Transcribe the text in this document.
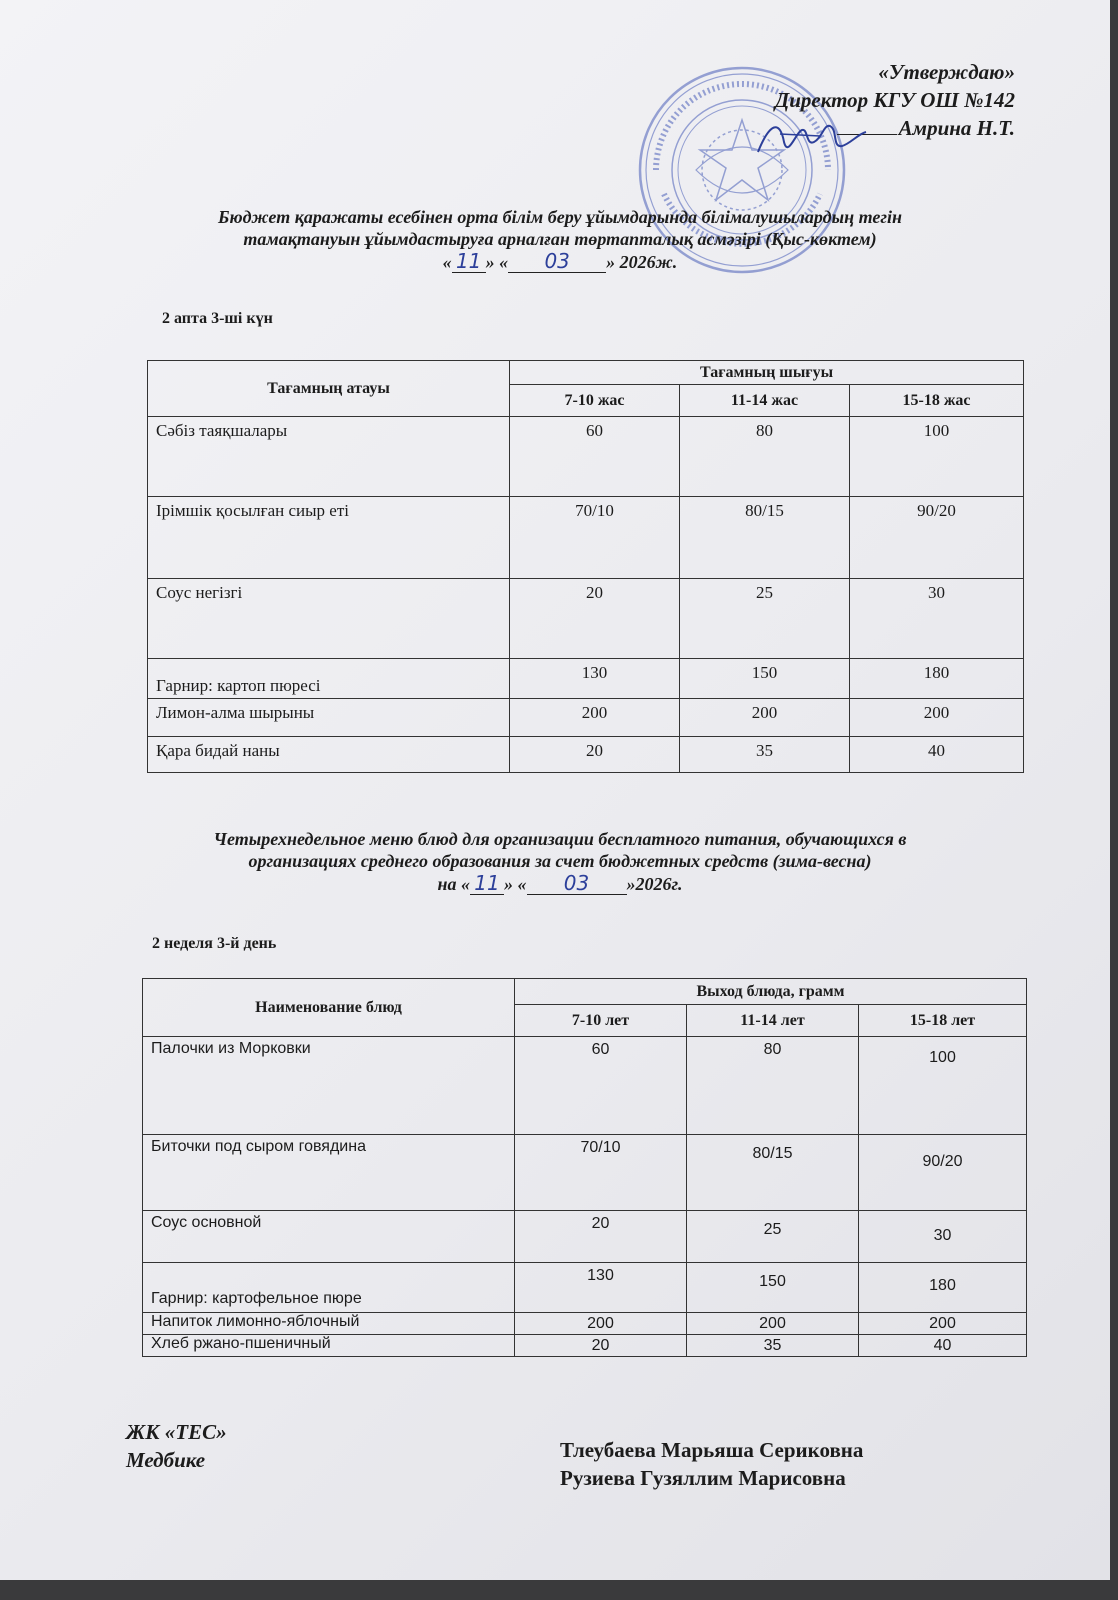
«Утверждаю»
Директор КГУ ОШ №142
Амрина Н.Т.
Бюджет қаражаты есебінен орта білім беру ұйымдарында білімалушылардың тегін
тамақтануын ұйымдастыруға арналған төртапталық асмәзірі (Қыс-көктем)
« 11 » « 03 » 2026ж.
2 апта 3-ші күн
Тағамның атауы	Тағамның шығуы		
	7-10 жас	11-14 жас	15-18 жас
Сәбіз таяқшалары	60	80	100
Ірімшік қосылған сиыр еті	70/10	80/15	90/20
Соус негізгі	20	25	30
Гарнир: картоп пюресі	130	150	180
Лимон-алма шырыны	200	200	200
Қара бидай наны	20	35	40
Четырехнедельное меню блюд для организации бесплатного питания, обучающихся в
организациях среднего образования за счет бюджетных средств (зима-весна)
на « 11 » « 03 »2026г.
2 неделя 3-й день
Наименование блюд	Выход блюда, грамм		
	7-10 лет	11-14 лет	15-18 лет
Палочки из Морковки	60	80	100
Биточки под сыром говядина	70/10	80/15	90/20
Соус основной	20	25	30
Гарнир: картофельное пюре	130	150	180
Напиток лимонно-яблочный	200	200	200
Хлеб ржано-пшеничный	20	35	40
ЖК «ТЕС»
Медбике	Тлеубаева Марьяша Сериковна
Рузиева Гузяллим Марисовна
